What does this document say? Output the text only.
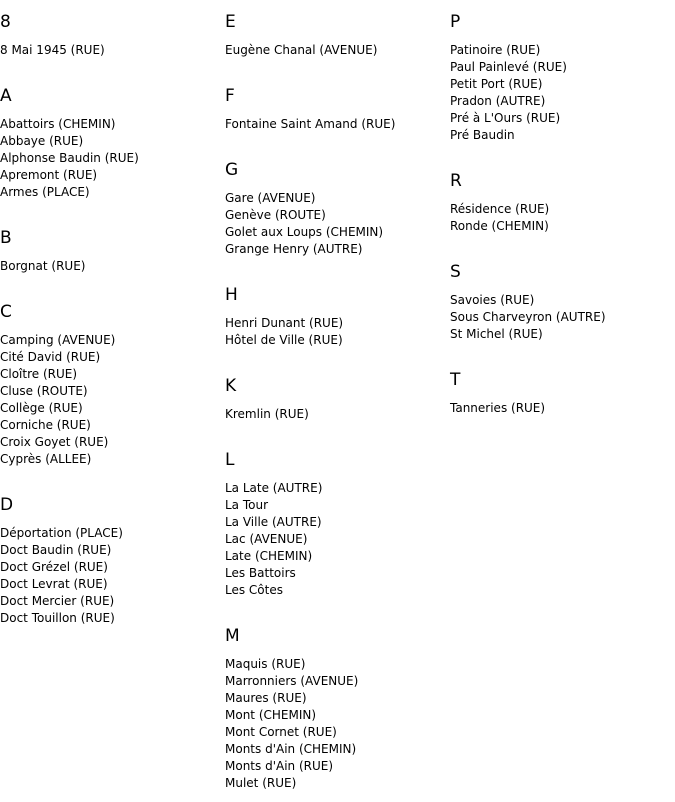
8
8 Mai 1945 (RUE)
A
Abattoirs (CHEMIN)
Abbaye (RUE)
Alphonse Baudin (RUE)
Apremont (RUE)
Armes (PLACE)
B
Borgnat (RUE)
C
Camping (AVENUE)
Cité David (RUE)
Cloître (RUE)
Cluse (ROUTE)
Collège (RUE)
Corniche (RUE)
Croix Goyet (RUE)
Cyprès (ALLEE)
D
Déportation (PLACE)
Doct Baudin (RUE)
Doct Grézel (RUE)
Doct Levrat (RUE)
Doct Mercier (RUE)
Doct Touillon (RUE)
E
Eugène Chanal (AVENUE)
F
Fontaine Saint Amand (RUE)
G
Gare (AVENUE)
Genève (ROUTE)
Golet aux Loups (CHEMIN)
Grange Henry (AUTRE)
H
Henri Dunant (RUE)
Hôtel de Ville (RUE)
K
Kremlin (RUE)
L
La Late (AUTRE)
La Tour
La Ville (AUTRE)
Lac (AVENUE)
Late (CHEMIN)
Les Battoirs
Les Côtes
M
Maquis (RUE)
Marronniers (AVENUE)
Maures (RUE)
Mont (CHEMIN)
Mont Cornet (RUE)
Monts d'Ain (CHEMIN)
Monts d'Ain (RUE)
Mulet (RUE)
P
Patinoire (RUE)
Paul Painlevé (RUE)
Petit Port (RUE)
Pradon (AUTRE)
Pré à L'Ours (RUE)
Pré Baudin
R
Résidence (RUE)
Ronde (CHEMIN)
S
Savoies (RUE)
Sous Charveyron (AUTRE)
St Michel (RUE)
T
Tanneries (RUE)
